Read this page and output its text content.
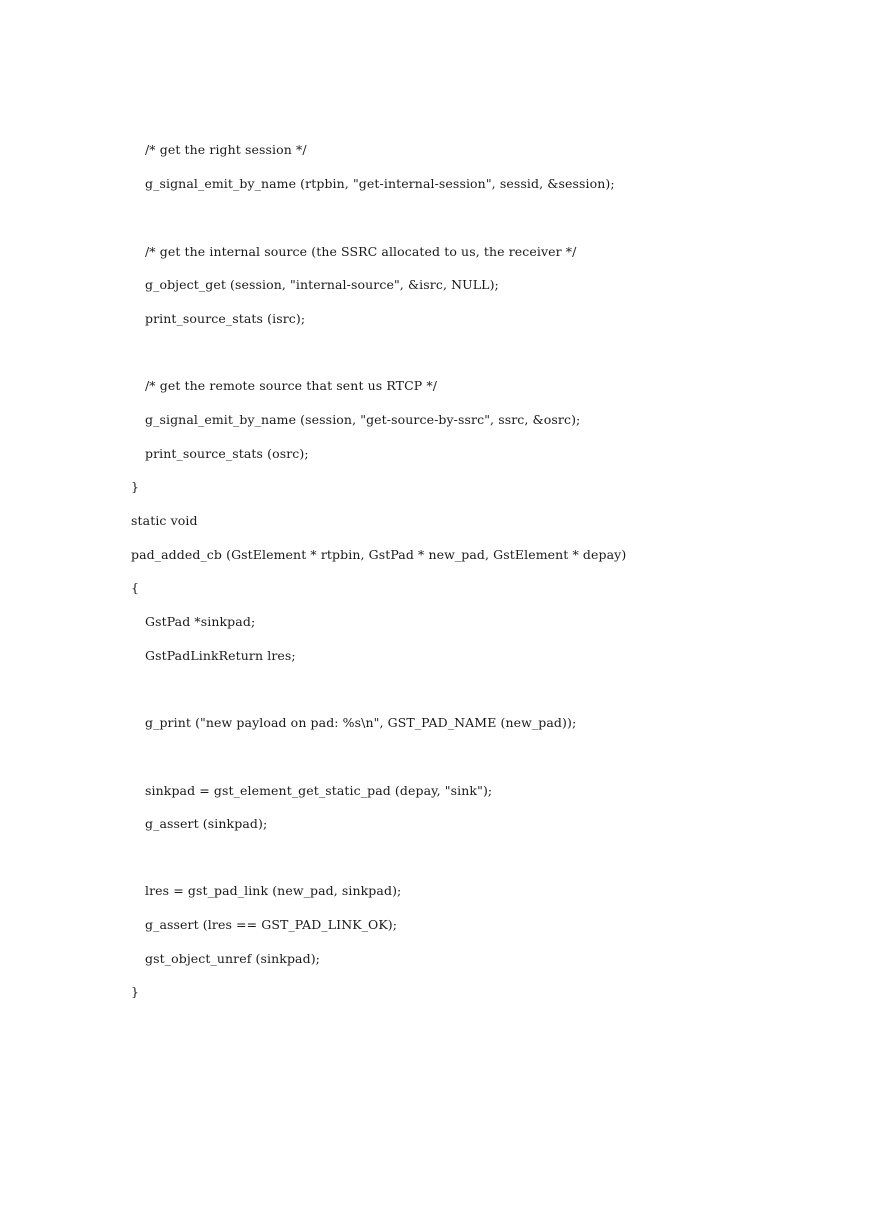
/* get the right session */

g_signal_emit_by_name (rtpbin, "get-internal-session", sessid, &session);

/* get the internal source (the SSRC allocated to us, the receiver */

g_object_get (session, "internal-source", &isrc, NULL);

print_source_stats (isrc);

/* get the remote source that sent us RTCP */

g_signal_emit_by_name (session, "get-source-by-ssrc", ssrc, &osrc);

print_source_stats (osrc);

}

static void

pad_added_cb (GstElement * rtpbin, GstPad * new_pad, GstElement * depay)

{

GstPad *sinkpad;

GstPadLinkReturn lres;

g_print ("new payload on pad: %s\n", GST_PAD_NAME (new_pad));

sinkpad = gst_element_get_static_pad (depay, "sink");

g_assert (sinkpad);

lres = gst_pad_link (new_pad, sinkpad);

g_assert (lres == GST_PAD_LINK_OK);

gst_object_unref (sinkpad);

}
